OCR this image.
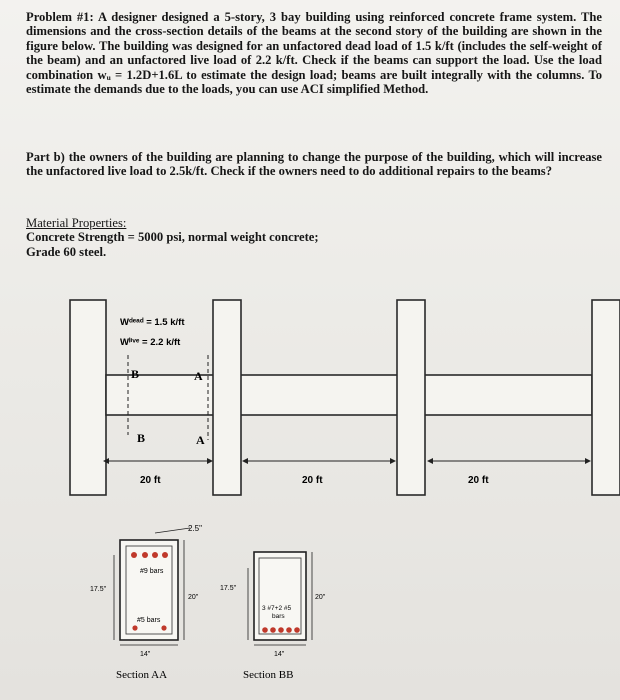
Problem #1: A designer designed a 5-story, 3 bay building using reinforced concrete frame system. The dimensions and the cross-section details of the beams at the second story of the building are shown in the figure below. The building was designed for an unfactored dead load of 1.5 k/ft (includes the self-weight of the beam) and an unfactored live load of 2.2 k/ft. Check if the beams can support the load. Use the load combination wᵤ = 1.2D+1.6L to estimate the design load; beams are built integrally with the columns. To estimate the demands due to the loads, you can use ACI simplified Method.
Part b) the owners of the building are planning to change the purpose of the building, which will increase the unfactored live load to 2.5k/ft. Check if the owners need to do additional repairs to the beams?
Material Properties:
Concrete Strength = 5000 psi, normal weight concrete;
Grade 60 steel.
Wᵈᵉᵃᵈ = 1.5 k/ft
Wˡⁱᵛᵉ = 2.2 k/ft
B	A
B	A
20 ft	20 ft	20 ft
2.5"
#9 bars
#5 bars
17.5"
20"
14"
Section AA
17.5"
20"
3 #7+2 #5 bars
14"
Section BB
